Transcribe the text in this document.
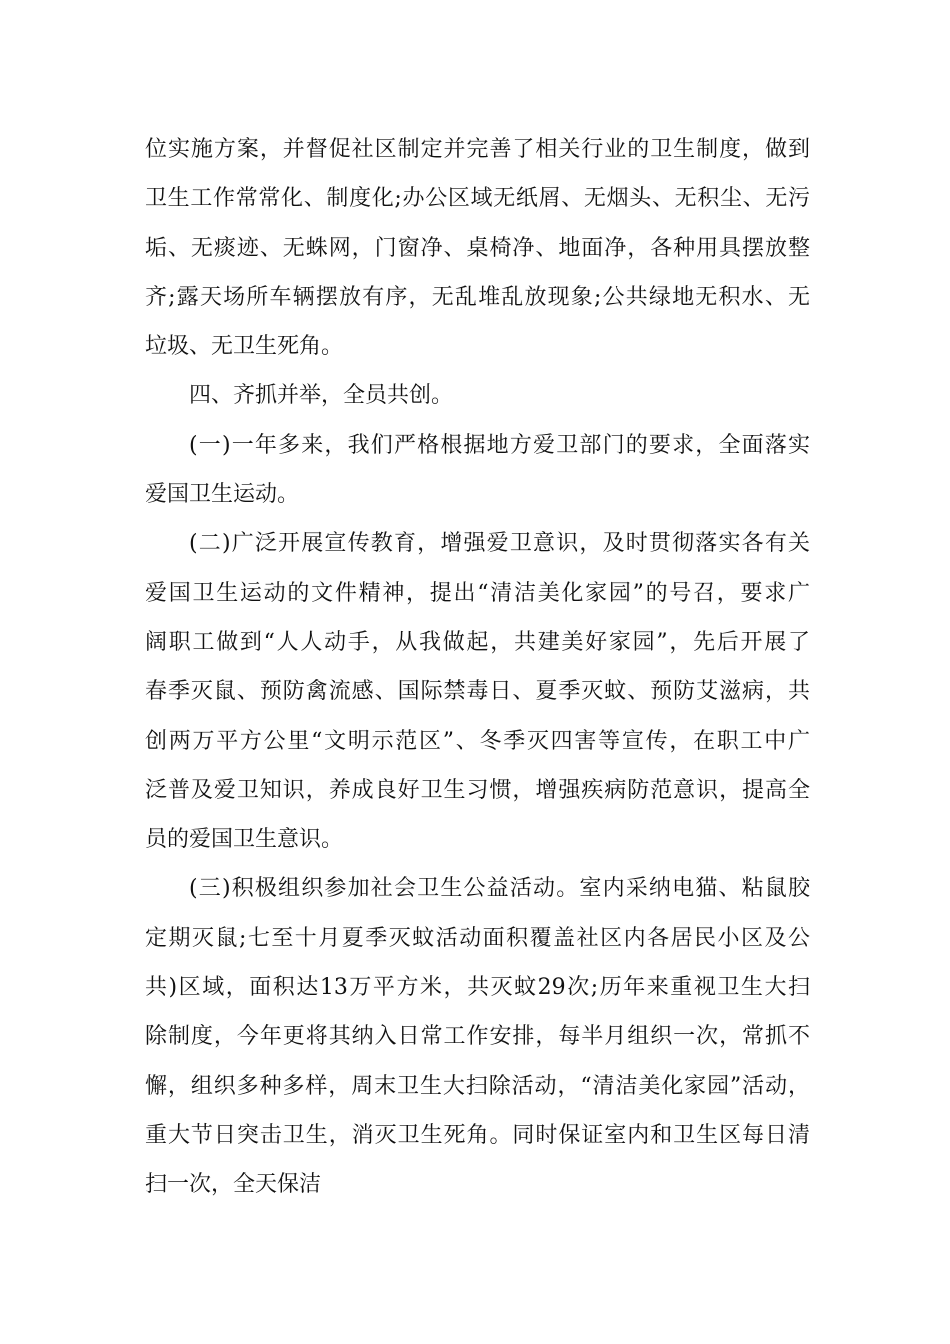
位实施方案，并督促社区制定并完善了相关行业的卫生制度，做到
卫生工作常常化、制度化;办公区域无纸屑、无烟头、无积尘、无污
垢、无痰迹、无蛛网，门窗净、桌椅净、地面净，各种用具摆放整
齐;露天场所车辆摆放有序，无乱堆乱放现象;公共绿地无积水、无
垃圾、无卫生死角。
四、齐抓并举，全员共创。
(一)一年多来，我们严格根据地方爱卫部门的要求，全面落实
爱国卫生运动。
(二)广泛开展宣传教育，增强爱卫意识，及时贯彻落实各有关
爱国卫生运动的文件精神，提出“清洁美化家园”的号召，要求广
阔职工做到“人人动手，从我做起，共建美好家园”，先后开展了
春季灭鼠、预防禽流感、国际禁毒日、夏季灭蚊、预防艾滋病，共
创两万平方公里“文明示范区”、冬季灭四害等宣传，在职工中广
泛普及爱卫知识，养成良好卫生习惯，增强疾病防范意识，提高全
员的爱国卫生意识。
(三)积极组织参加社会卫生公益活动。室内采纳电猫、粘鼠胶
定期灭鼠;七至十月夏季灭蚊活动面积覆盖社区内各居民小区及公
共)区域，面积达13万平方米，共灭蚊29次;历年来重视卫生大扫
除制度，今年更将其纳入日常工作安排，每半月组织一次，常抓不
懈，组织多种多样，周末卫生大扫除活动，“清洁美化家园”活动，
重大节日突击卫生，消灭卫生死角。同时保证室内和卫生区每日清
扫一次，全天保洁
